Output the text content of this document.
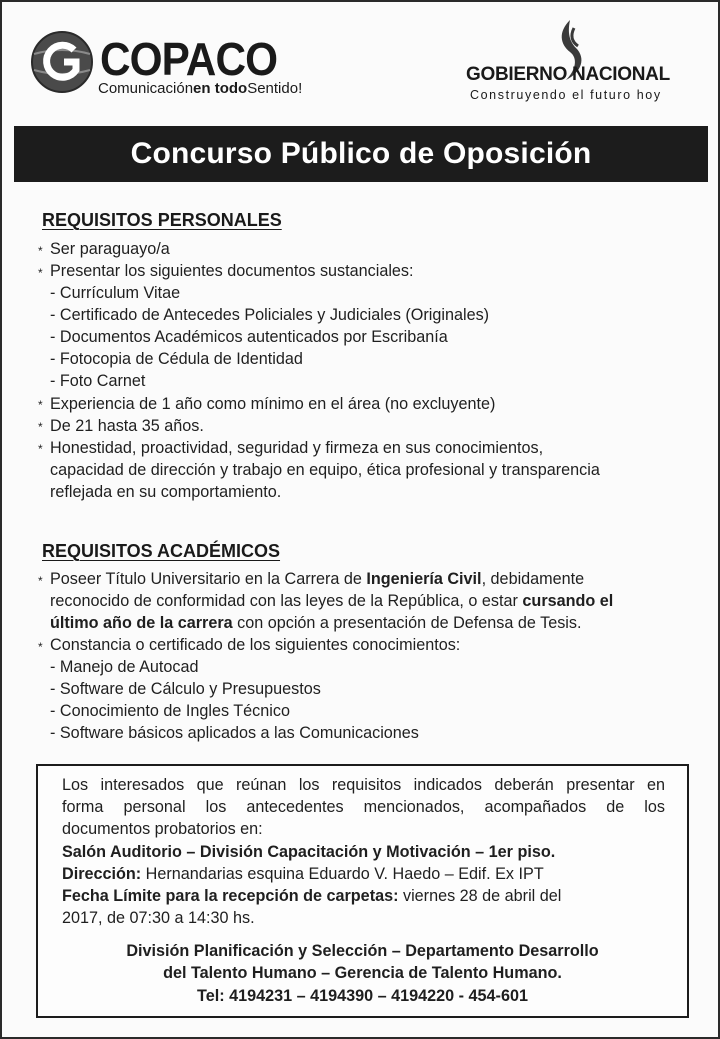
COPACO
Comunicaciónen todoSentido!
GOBIERNO NACIONAL
Construyendo el futuro hoy
Concurso Público de Oposición
REQUISITOS PERSONALES
* Ser paraguayo/a
* Presentar los siguientes documentos sustanciales:
- Currículum Vitae
- Certificado de Antecedes Policiales y Judiciales (Originales)
- Documentos Académicos autenticados por Escribanía
- Fotocopia de Cédula de Identidad
- Foto Carnet
* Experiencia de 1 año como mínimo en el área (no excluyente)
* De 21 hasta 35 años.
* Honestidad, proactividad, seguridad y firmeza en sus conocimientos,
capacidad de dirección y trabajo en equipo, ética profesional y transparencia
reflejada en su comportamiento.
REQUISITOS ACADÉMICOS
* Poseer Título Universitario en la Carrera de Ingeniería Civil, debidamente
reconocido de conformidad con las leyes de la República, o estar cursando el
último año de la carrera con opción a presentación de Defensa de Tesis.
* Constancia o certificado de los siguientes conocimientos:
- Manejo de Autocad
- Software de Cálculo y Presupuestos
- Conocimiento de Ingles Técnico
- Software básicos aplicados a las Comunicaciones
Los interesados que reúnan los requisitos indicados deberán presentar en
forma personal los antecedentes mencionados, acompañados de los
documentos probatorios en:
Salón Auditorio – División Capacitación y Motivación – 1er piso.
Dirección: Hernandarias esquina Eduardo V. Haedo – Edif. Ex IPT
Fecha Límite para la recepción de carpetas: viernes 28 de abril del
2017, de 07:30 a 14:30 hs.
División Planificación y Selección – Departamento Desarrollo
del Talento Humano – Gerencia de Talento Humano.
Tel: 4194231 – 4194390 – 4194220 - 454-601
